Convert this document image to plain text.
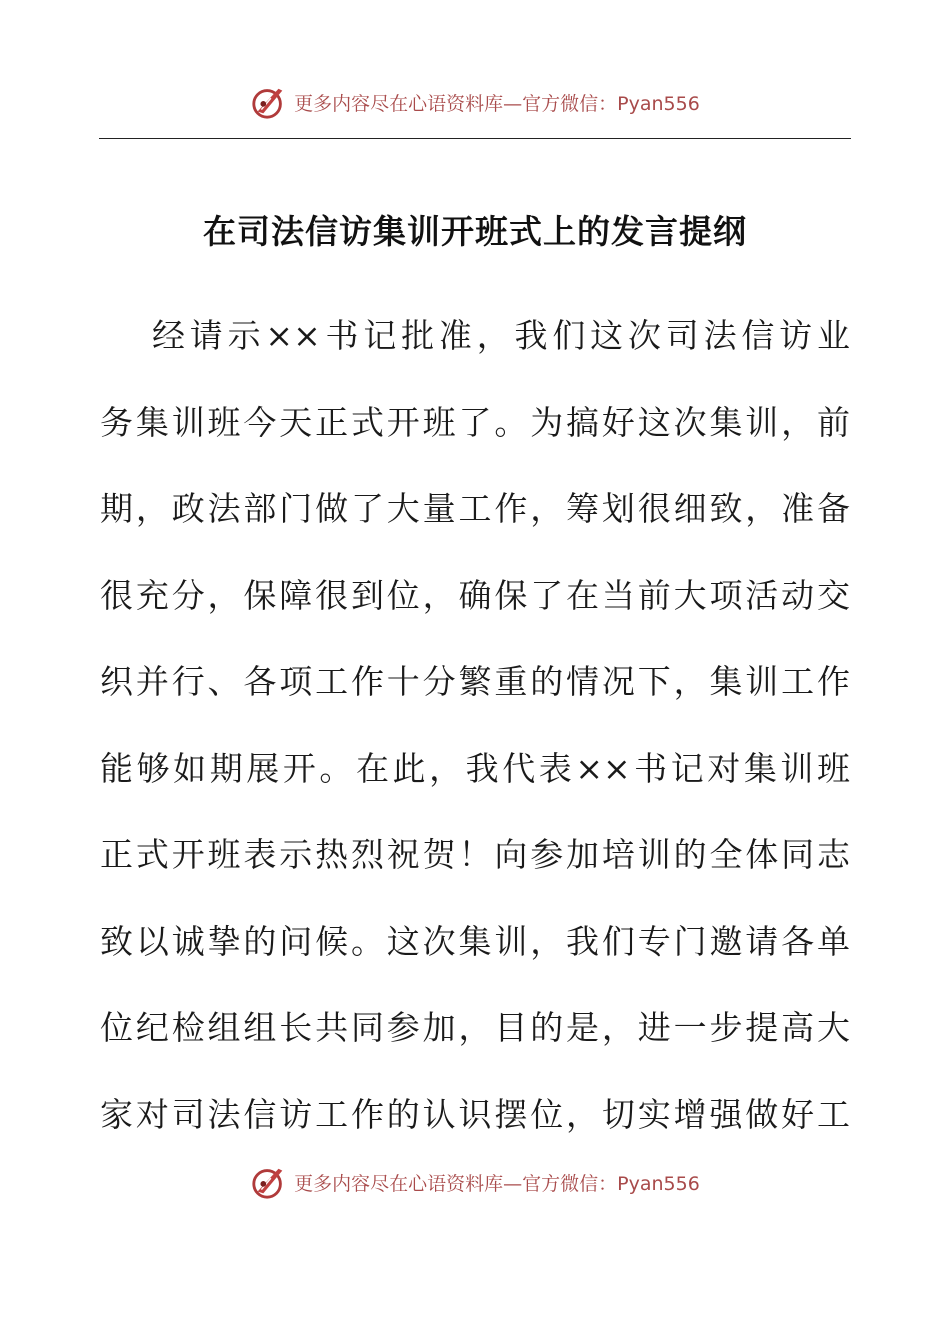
更多内容尽在心语资料库—官方微信：Pyan556
在司法信访集训开班式上的发言提纲
经请示××书记批准，我们这次司法信访业
务集训班今天正式开班了。为搞好这次集训，前
期，政法部门做了大量工作，筹划很细致，准备
很充分，保障很到位，确保了在当前大项活动交
织并行、各项工作十分繁重的情况下，集训工作
能够如期展开。在此，我代表××书记对集训班
正式开班表示热烈祝贺！向参加培训的全体同志
致以诚挚的问候。这次集训，我们专门邀请各单
位纪检组组长共同参加，目的是，进一步提高大
家对司法信访工作的认识摆位，切实增强做好工
更多内容尽在心语资料库—官方微信：Pyan556
